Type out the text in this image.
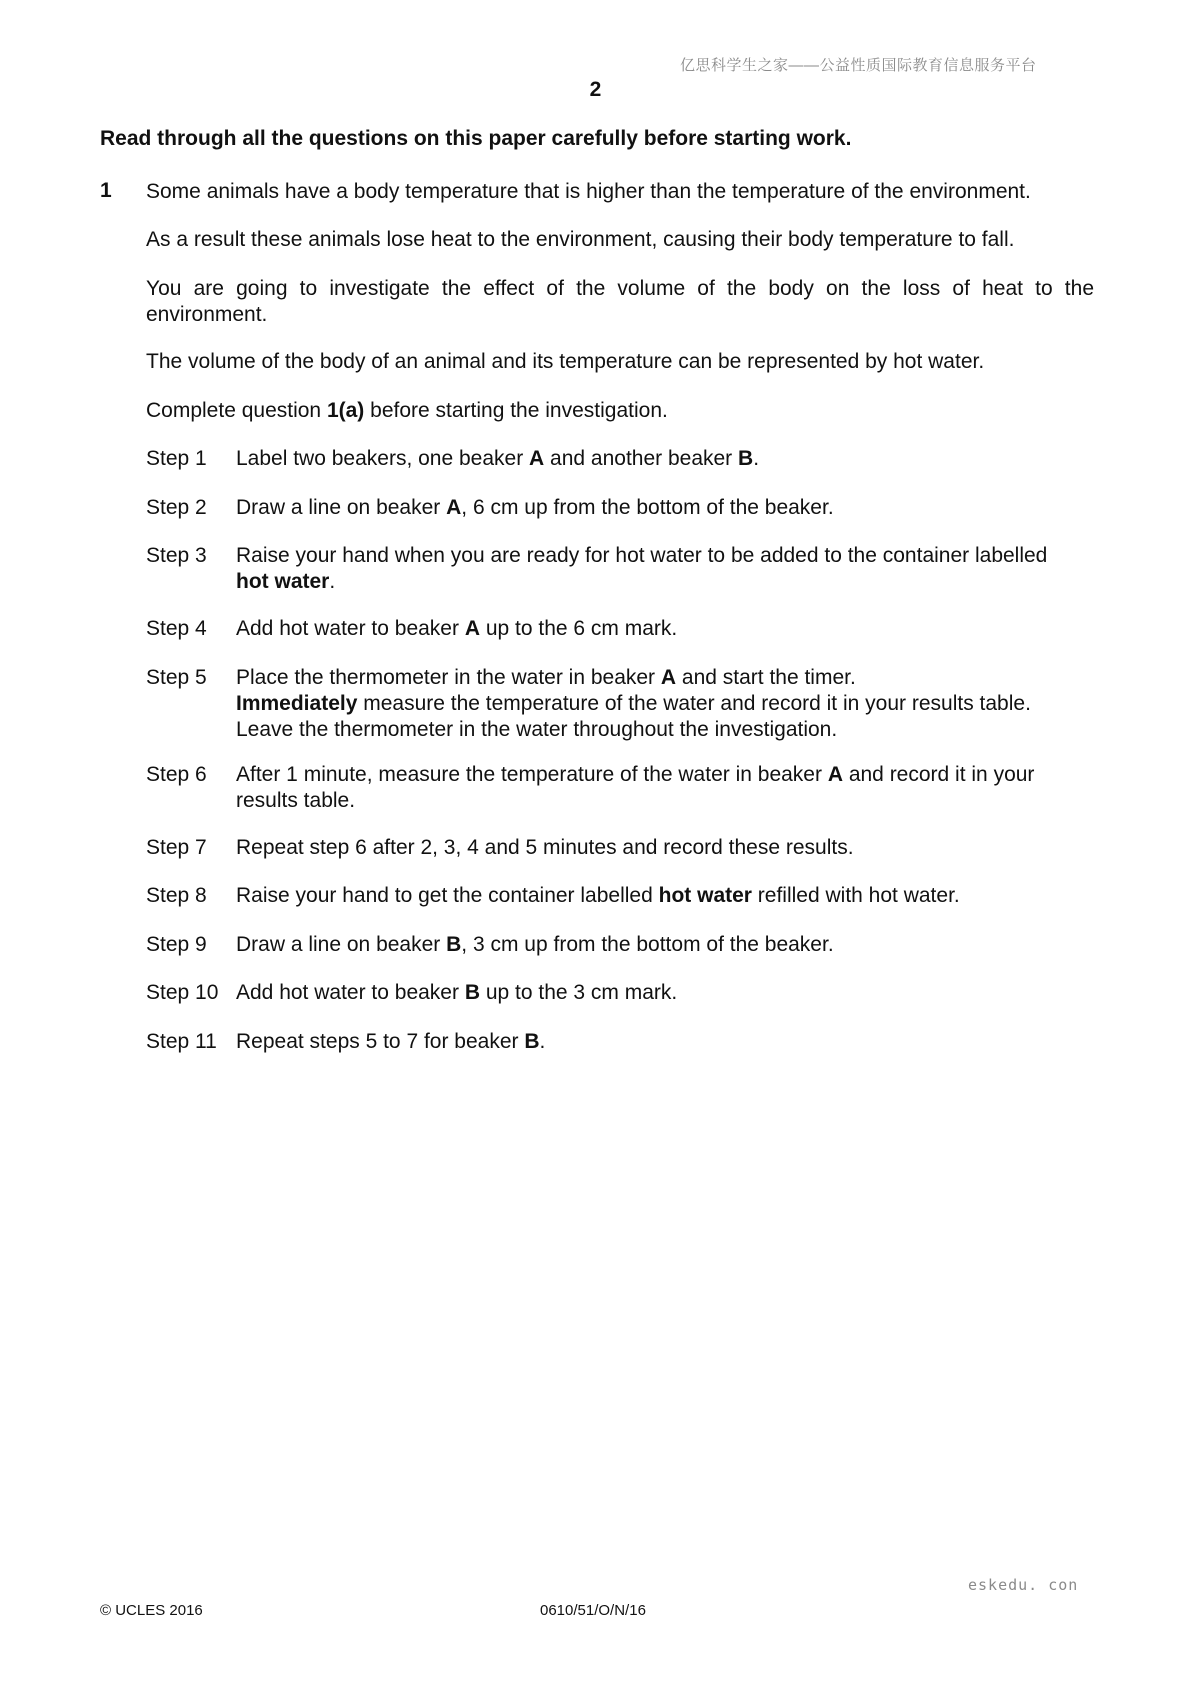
亿思科学生之家——公益性质国际教育信息服务平台
2
Read through all the questions on this paper carefully before starting work.
1 Some animals have a body temperature that is higher than the temperature of the environment.
As a result these animals lose heat to the environment, causing their body temperature to fall.
You are going to investigate the effect of the volume of the body on the loss of heat to the environment.
The volume of the body of an animal and its temperature can be represented by hot water.
Complete question 1(a) before starting the investigation.
Step 1 Label two beakers, one beaker A and another beaker B.
Step 2 Draw a line on beaker A, 6 cm up from the bottom of the beaker.
Step 3 Raise your hand when you are ready for hot water to be added to the container labelled
hot water.
Step 4 Add hot water to beaker A up to the 6 cm mark.
Step 5 Place the thermometer in the water in beaker A and start the timer.
Immediately measure the temperature of the water and record it in your results table.
Leave the thermometer in the water throughout the investigation.
Step 6 After 1 minute, measure the temperature of the water in beaker A and record it in your
results table.
Step 7 Repeat step 6 after 2, 3, 4 and 5 minutes and record these results.
Step 8 Raise your hand to get the container labelled hot water refilled with hot water.
Step 9 Draw a line on beaker B, 3 cm up from the bottom of the beaker.
Step 10 Add hot water to beaker B up to the 3 cm mark.
Step 11 Repeat steps 5 to 7 for beaker B.
eskedu. con
© UCLES 2016	0610/51/O/N/16
